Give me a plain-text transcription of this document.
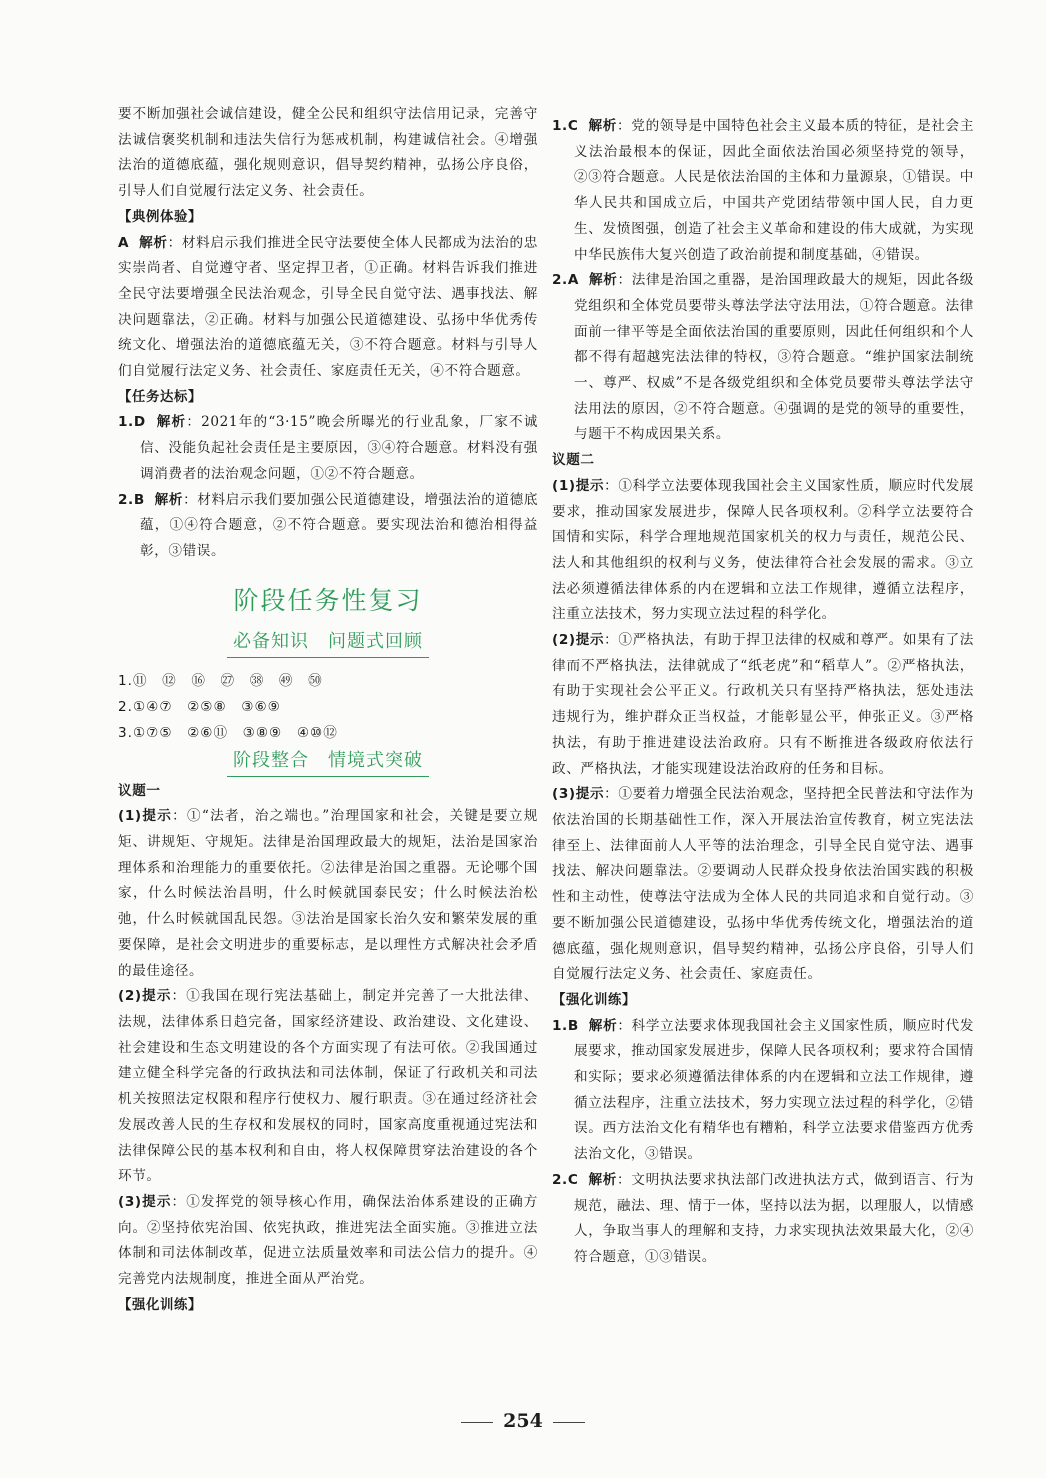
要不断加强社会诚信建设，健全公民和组织守法信用记录，完善守法诚信褒奖机制和违法失信行为惩戒机制，构建诚信社会。④增强法治的道德底蕴，强化规则意识，倡导契约精神，弘扬公序良俗，引导人们自觉履行法定义务、社会责任。

【典例体验】

A 解析：材料启示我们推进全民守法要使全体人民都成为法治的忠实崇尚者、自觉遵守者、坚定捍卫者，①正确。材料告诉我们推进全民守法要增强全民法治观念，引导全民自觉守法、遇事找法、解决问题靠法，②正确。材料与加强公民道德建设、弘扬中华优秀传统文化、增强法治的道德底蕴无关，③不符合题意。材料与引导人们自觉履行法定义务、社会责任、家庭责任无关，④不符合题意。

【任务达标】

1.D 解析：2021年的“3·15”晚会所曝光的行业乱象，厂家不诚信、没能负起社会责任是主要原因，③④符合题意。材料没有强调消费者的法治观念问题，①②不符合题意。

2.B 解析：材料启示我们要加强公民道德建设，增强法治的道德底蕴，①④符合题意，②不符合题意。要实现法治和德治相得益彰，③错误。

阶段任务性复习
必备知识　问题式回顾

1.⑪　⑫　⑯　㉗　㊳　㊾　㊿

2.①④⑦　②⑤⑧　③⑥⑨

3.①⑦⑤　②⑥⑪　③⑧⑨　④⑩⑫

阶段整合　情境式突破

议题一

(1)提示：①“法者，治之端也。”治理国家和社会，关键是要立规矩、讲规矩、守规矩。法律是治国理政最大的规矩，法治是国家治理体系和治理能力的重要依托。②法律是治国之重器。无论哪个国家，什么时候法治昌明，什么时候就国泰民安；什么时候法治松弛，什么时候就国乱民怨。③法治是国家长治久安和繁荣发展的重要保障，是社会文明进步的重要标志，是以理性方式解决社会矛盾的最佳途径。

(2)提示：①我国在现行宪法基础上，制定并完善了一大批法律、法规，法律体系日趋完备，国家经济建设、政治建设、文化建设、社会建设和生态文明建设的各个方面实现了有法可依。②我国通过建立健全科学完备的行政执法和司法体制，保证了行政机关和司法机关按照法定权限和程序行使权力、履行职责。③在通过经济社会发展改善人民的生存权和发展权的同时，国家高度重视通过宪法和法律保障公民的基本权利和自由，将人权保障贯穿法治建设的各个环节。

(3)提示：①发挥党的领导核心作用，确保法治体系建设的正确方向。②坚持依宪治国、依宪执政，推进宪法全面实施。③推进立法体制和司法体制改革，促进立法质量效率和司法公信力的提升。④完善党内法规制度，推进全面从严治党。

【强化训练】

1.C 解析：党的领导是中国特色社会主义最本质的特征，是社会主义法治最根本的保证，因此全面依法治国必须坚持党的领导，②③符合题意。人民是依法治国的主体和力量源泉，①错误。中华人民共和国成立后，中国共产党团结带领中国人民，自力更生、发愤图强，创造了社会主义革命和建设的伟大成就，为实现中华民族伟大复兴创造了政治前提和制度基础，④错误。

2.A 解析：法律是治国之重器，是治国理政最大的规矩，因此各级党组织和全体党员要带头尊法学法守法用法，①符合题意。法律面前一律平等是全面依法治国的重要原则，因此任何组织和个人都不得有超越宪法法律的特权，③符合题意。“维护国家法制统一、尊严、权威”不是各级党组织和全体党员要带头尊法学法守法用法的原因，②不符合题意。④强调的是党的领导的重要性，与题干不构成因果关系。

议题二

(1)提示：①科学立法要体现我国社会主义国家性质，顺应时代发展要求，推动国家发展进步，保障人民各项权利。②科学立法要符合国情和实际，科学合理地规范国家机关的权力与责任，规范公民、法人和其他组织的权利与义务，使法律符合社会发展的需求。③立法必须遵循法律体系的内在逻辑和立法工作规律，遵循立法程序，注重立法技术，努力实现立法过程的科学化。

(2)提示：①严格执法，有助于捍卫法律的权威和尊严。如果有了法律而不严格执法，法律就成了“纸老虎”和“稻草人”。②严格执法，有助于实现社会公平正义。行政机关只有坚持严格执法，惩处违法违规行为，维护群众正当权益，才能彰显公平，伸张正义。③严格执法，有助于推进建设法治政府。只有不断推进各级政府依法行政、严格执法，才能实现建设法治政府的任务和目标。

(3)提示：①要着力增强全民法治观念，坚持把全民普法和守法作为依法治国的长期基础性工作，深入开展法治宣传教育，树立宪法法律至上、法律面前人人平等的法治理念，引导全民自觉守法、遇事找法、解决问题靠法。②要调动人民群众投身依法治国实践的积极性和主动性，使尊法守法成为全体人民的共同追求和自觉行动。③要不断加强公民道德建设，弘扬中华优秀传统文化，增强法治的道德底蕴，强化规则意识，倡导契约精神，弘扬公序良俗，引导人们自觉履行法定义务、社会责任、家庭责任。

【强化训练】

1.B 解析：科学立法要求体现我国社会主义国家性质，顺应时代发展要求，推动国家发展进步，保障人民各项权利；要求符合国情和实际；要求必须遵循法律体系的内在逻辑和立法工作规律，遵循立法程序，注重立法技术，努力实现立法过程的科学化，②错误。西方法治文化有精华也有糟粕，科学立法要求借鉴西方优秀法治文化，③错误。

2.C 解析：文明执法要求执法部门改进执法方式，做到语言、行为规范，融法、理、情于一体，坚持以法为据，以理服人，以情感人，争取当事人的理解和支持，力求实现执法效果最大化，②④符合题意，①③错误。

254
